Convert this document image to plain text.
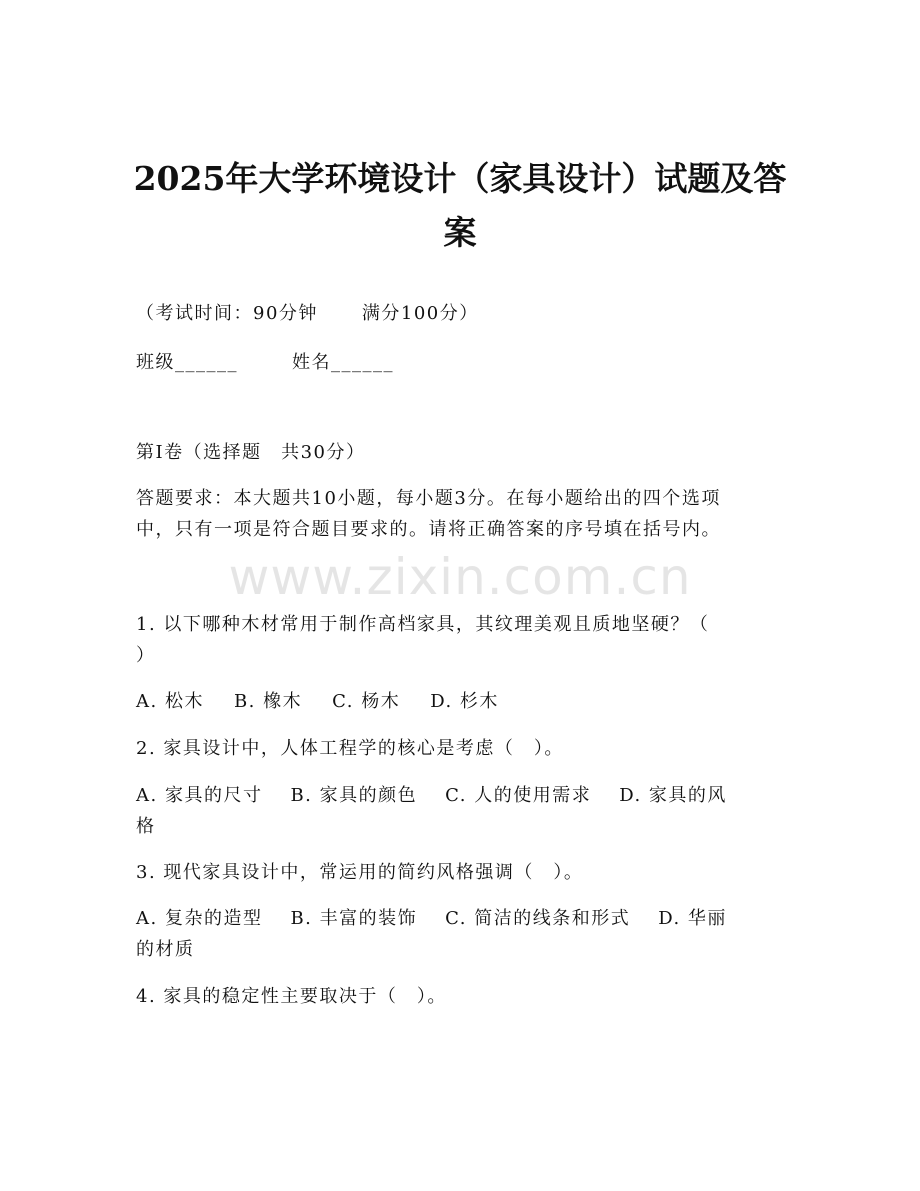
2025年大学环境设计（家具设计）试题及答
案
（考试时间：90分钟 满分100分）
班级______	姓名______
第I卷（选择题　共30分）
答题要求：本大题共10小题，每小题3分。在每小题给出的四个选项
中，只有一项是符合题目要求的。请将正确答案的序号填在括号内。
www.zixin.com.cn
1. 以下哪种木材常用于制作高档家具，其纹理美观且质地坚硬？（
）
A. 松木 B. 橡木 C. 杨木 D. 杉木
2. 家具设计中，人体工程学的核心是考虑（　）。
A. 家具的尺寸 B. 家具的颜色 C. 人的使用需求 D. 家具的风
格
3. 现代家具设计中，常运用的简约风格强调（　）。
A. 复杂的造型 B. 丰富的装饰 C. 简洁的线条和形式 D. 华丽
的材质
4. 家具的稳定性主要取决于（　）。
